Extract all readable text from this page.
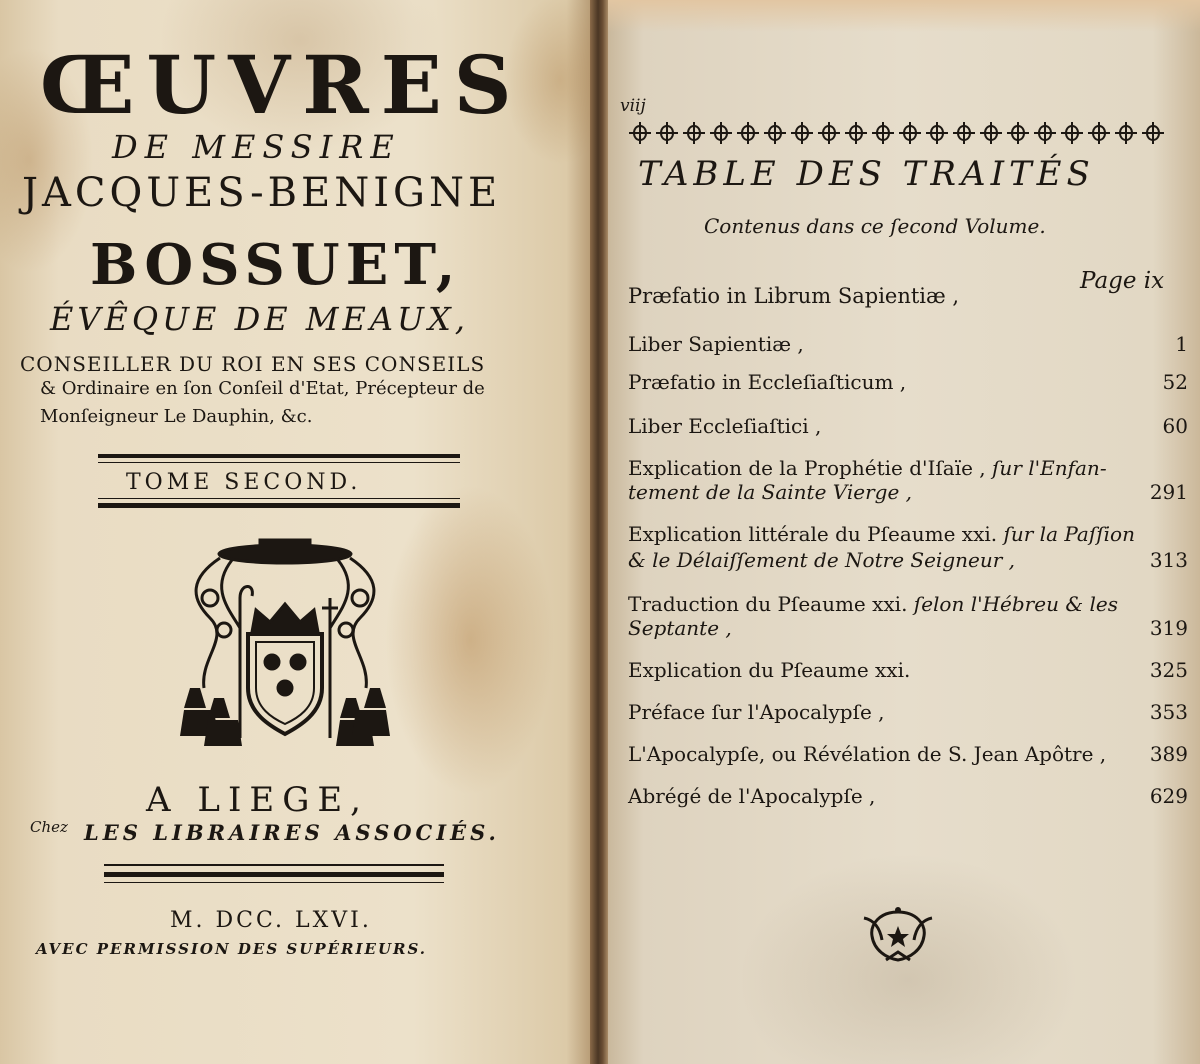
ŒUVRES
DE MESSIRE
JACQUES-BENIGNE
BOSSUET,
ÉVÊQUE DE MEAUX,
CONSEILLER DU ROI EN SES CONSEILS
& Ordinaire en ſon Conſeil d'Etat, Précepteur de
Monſeigneur Le Dauphin, &c.
TOME SECOND.
A LIEGE,
Chez LES LIBRAIRES ASSOCIÉS.
M. DCC. LXVI.
AVEC PERMISSION DES SUPÉRIEURS.
viij
TABLE DES TRAITÉS
Contenus dans ce ſecond Volume.
Page ix
Præfatio in Librum Sapientiæ ,
Liber Sapientiæ ,	1
Præfatio in Eccleſiaſticum ,	52
Liber Eccleſiaſtici ,	60
Explication de la Prophétie d'Iſaïe , ſur l'Enfan-
tement de la Sainte Vierge ,	291
Explication littérale du Pſeaume xxi. ſur la Paſſion
& le Délaiſſement de Notre Seigneur ,	313
Traduction du Pſeaume xxi. ſelon l'Hébreu & les
Septante ,	319
Explication du Pſeaume xxi.	325
Préface ſur l'Apocalypſe ,	353
L'Apocalypſe, ou Révélation de S. Jean Apôtre , 389
Abrégé de l'Apocalypſe ,	629
